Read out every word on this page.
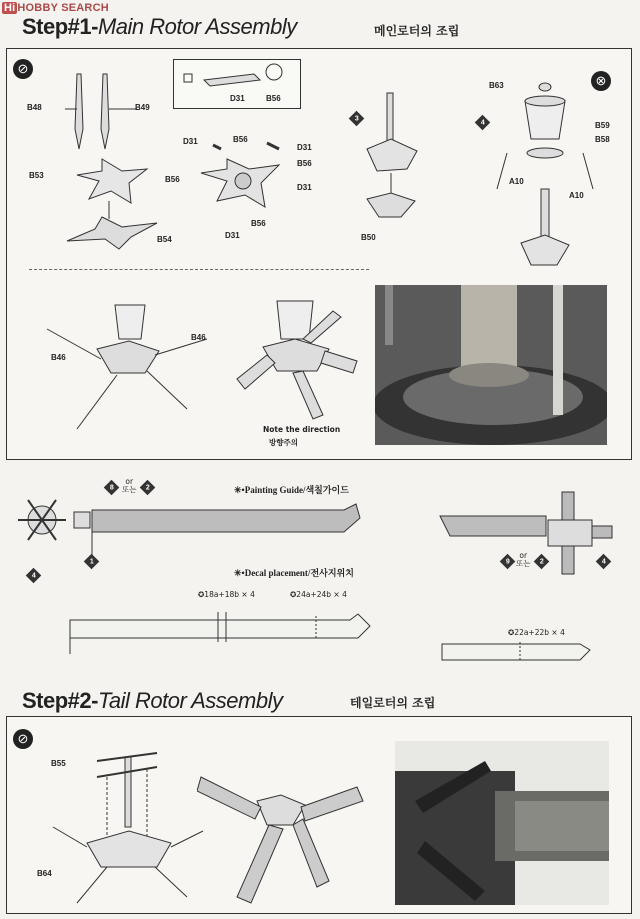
Hi HOBBY SEARCH
Step#1-Main Rotor Assembly	메인로터의 조립
⊘
B48	B49
B53
B54
D31	B56
D31	B56
D31
B56
B56
D31
B56
D31
3
B50
⊗
B63
B59
B58
A10
A10
4
B46
B46
Note the direction
방향주의
✳•Painting Guide/색칠가이드
8
or
또는 2
4
1	9
or
또는 2	4
✳•Decal placement/전사지위치
✪18a+18b × 4	✪24a+24b × 4
✪22a+22b × 4
Step#2-Tail Rotor Assembly	테일로터의 조립
⊘
B55
B64
